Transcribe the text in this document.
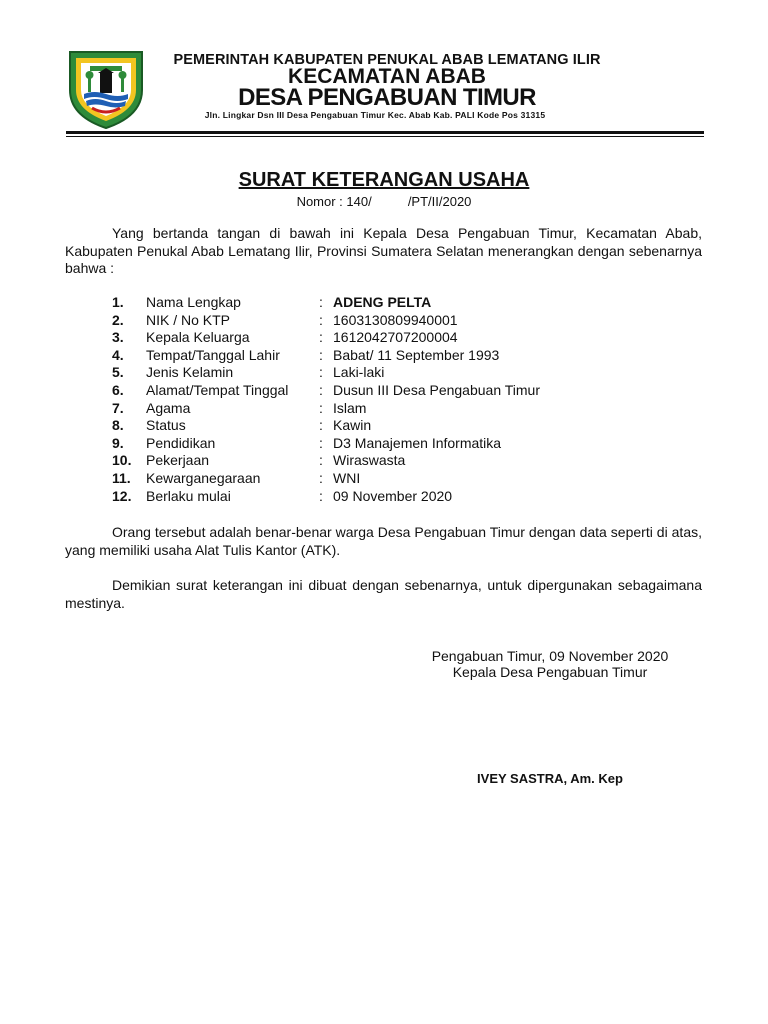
PEMERINTAH KABUPATEN PENUKAL ABAB LEMATANG ILIR
KECAMATAN ABAB
DESA PENGABUAN TIMUR
Jln. Lingkar Dsn III Desa Pengabuan Timur Kec. Abab Kab. PALI Kode Pos 31315
SURAT KETERANGAN USAHA
Nomor : 140/          /PT/II/2020
Yang bertanda tangan di bawah ini Kepala Desa Pengabuan Timur, Kecamatan Abab, Kabupaten Penukal Abab Lematang Ilir, Provinsi Sumatera Selatan menerangkan dengan sebenarnya bahwa :
1. Nama Lengkap	: ADENG PELTA
2. NIK / No KTP	: 1603130809940001
3. Kepala Keluarga	: 1612042707200004
4. Tempat/Tanggal Lahir	: Babat/ 11 September 1993
5. Jenis Kelamin	: Laki-laki
6. Alamat/Tempat Tinggal : Dusun III Desa Pengabuan Timur
7. Agama	: Islam
8. Status	: Kawin
9. Pendidikan	: D3 Manajemen Informatika
10. Pekerjaan	: Wiraswasta
11. Kewarganegaraan	: WNI
12. Berlaku mulai	: 09 November 2020
Orang tersebut adalah benar-benar warga Desa Pengabuan Timur dengan data seperti di atas, yang memiliki usaha Alat Tulis Kantor (ATK).
Demikian surat keterangan ini dibuat dengan sebenarnya, untuk dipergunakan sebagaimana mestinya.
Pengabuan Timur, 09 November 2020
Kepala Desa Pengabuan Timur
IVEY SASTRA, Am. Kep
